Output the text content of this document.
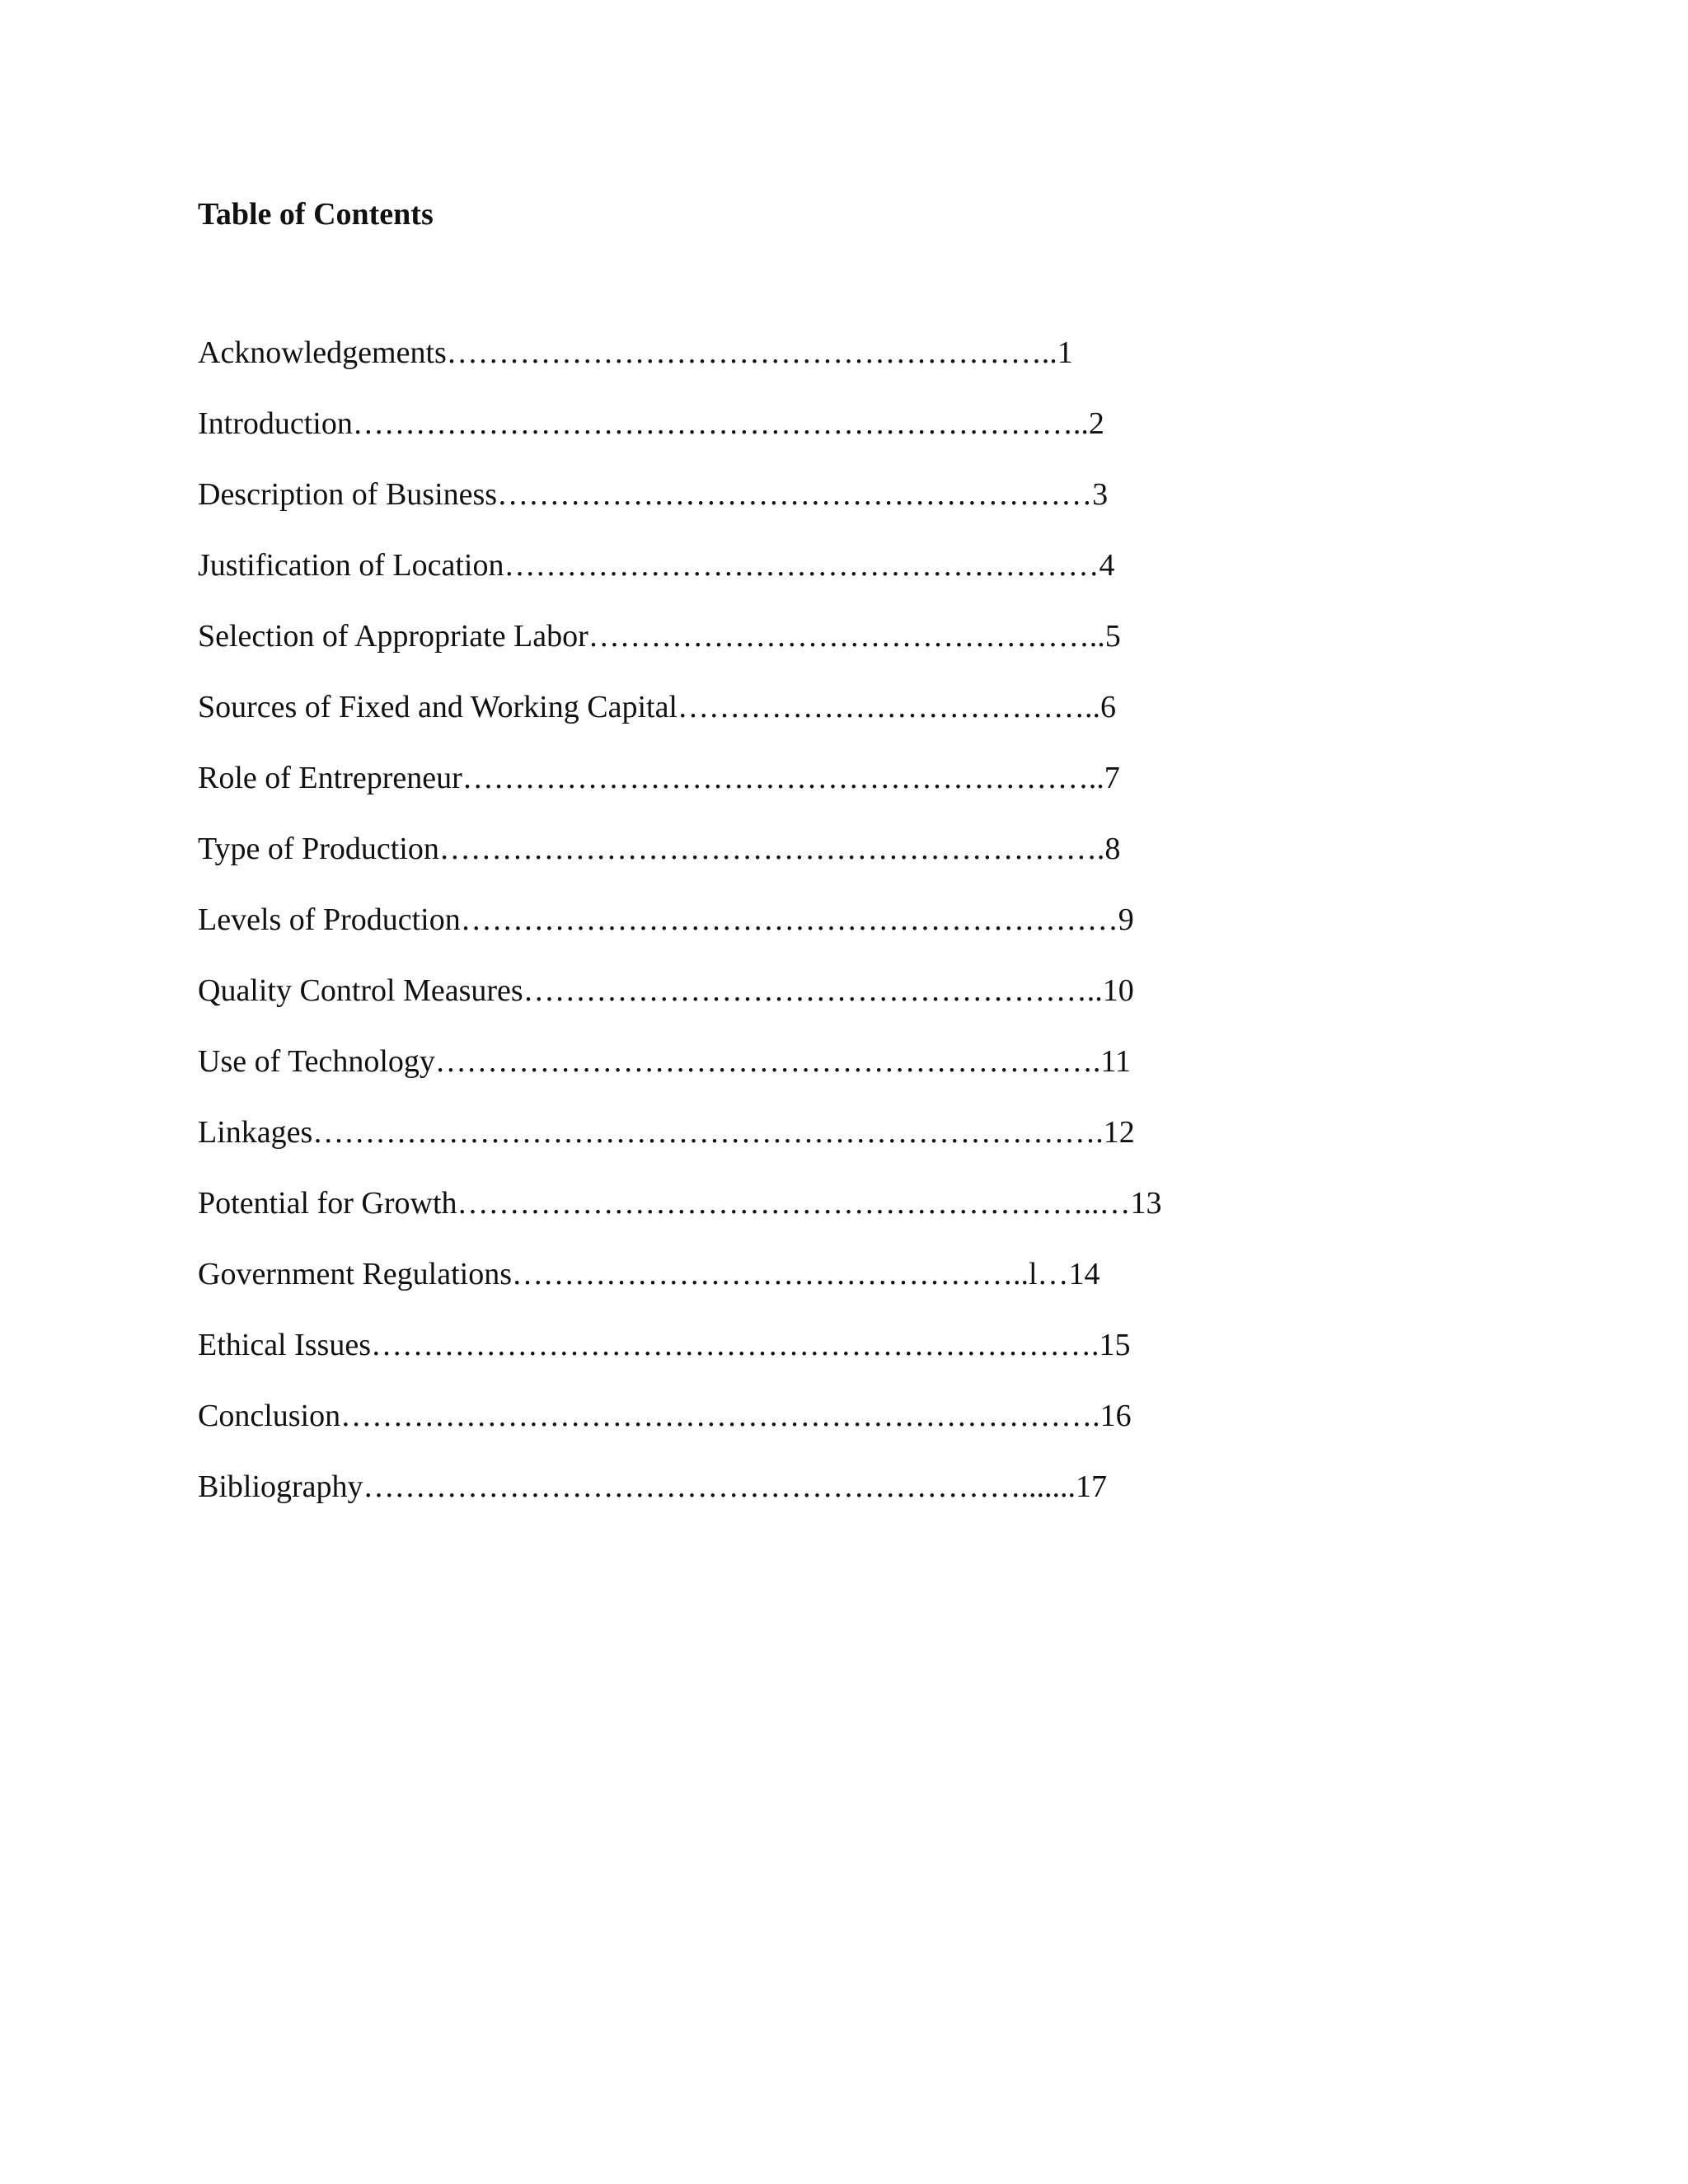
Table of Contents
Acknowledgements…………………………………………………..1
Introduction……………………………………………………………..2
Description of Business…………………………………………………3
Justification of Location…………………………………………………4
Selection of Appropriate Labor…………………………………………..5
Sources of Fixed and Working Capital…………………………………..6
Role of Entrepreneur……………………………………………………..7
Type of Production……………………………………………………….8
Levels of Production………………………………………………………9
Quality Control Measures………………………………………………..10
Use of Technology……………………………………………………….11
Linkages………………………………………………………………….12
Potential for Growth……………………………………………………..…13
Government Regulations…………………………………………..l…14
Ethical Issues…………………………………………………………….15
Conclusion……………………………………………………………….16
Bibliography……………………………………………………….......17
